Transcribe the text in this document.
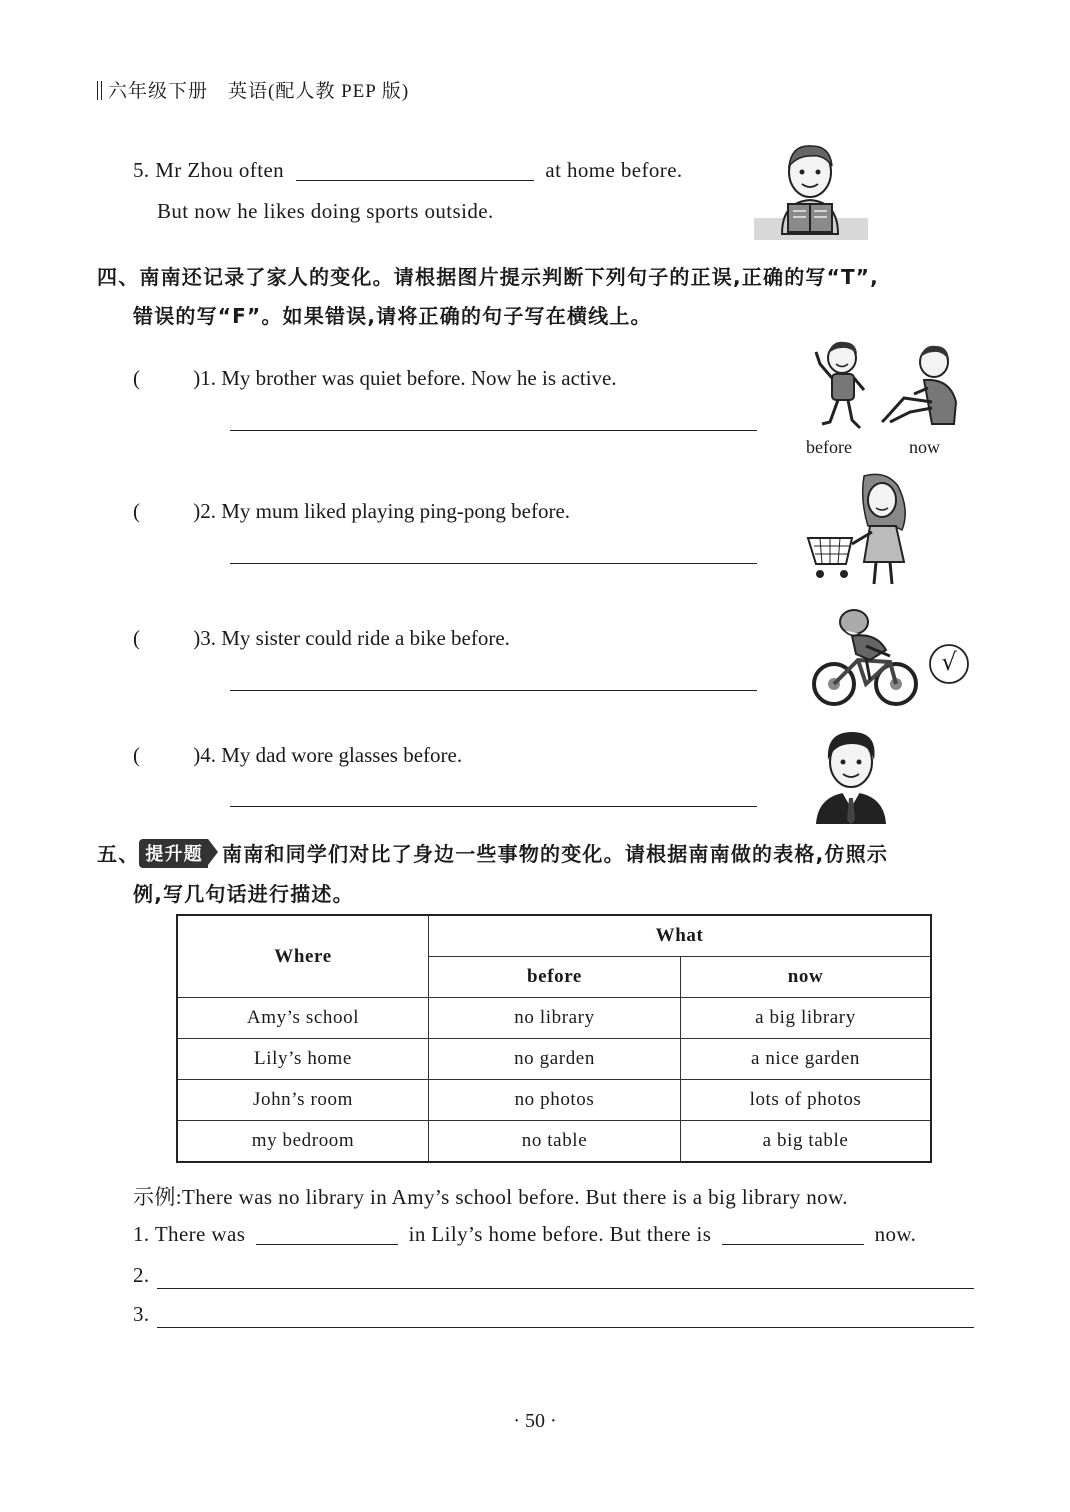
六年级下册　英语(配人教 PEP 版)
5. Mr Zhou often	at home before.
But now he likes doing sports outside.
四、南南还记录了家人的变化。请根据图片提示判断下列句子的正误,正确的写“T”,
错误的写“F”。如果错误,请将正确的句子写在横线上。
(	)1. My brother was quiet before. Now he is active.
(	)2. My mum liked playing ping-pong before.
(	)3. My sister could ride a bike before.
(	)4. My dad wore glasses before.
before	now
√
五、 提升题 南南和同学们对比了身边一些事物的变化。请根据南南做的表格,仿照示
例,写几句话进行描述。
Where	What	
	before	now
Amy’s school	no library	a big library
Lily’s home	no garden	a nice garden
John’s room	no photos	lots of photos
my bedroom	no table	a big table
示例:There was no library in Amy’s school before. But there is a big library now.
1. There was	in Lily’s home before. But there is	now.
2.
3.
· 50 ·
